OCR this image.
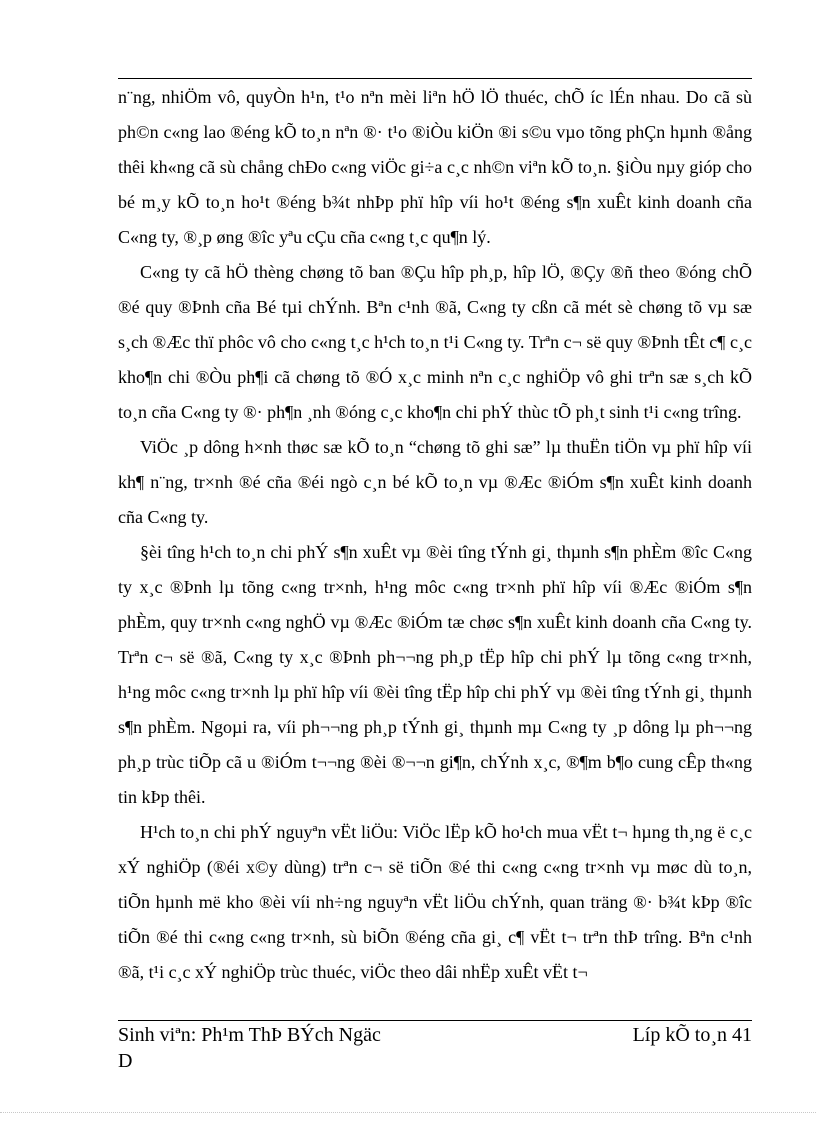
n¨ng, nhiÖm vô, quyÒn h¹n, t¹o nªn mèi liªn hÖ lÖ thuéc, chÕ íc lÉn nhau. Do cã sù ph©n c«ng lao ®éng kÕ to¸n nªn ®· t¹o ®iÒu kiÖn ®i s©u vµo tõng phÇn hµnh ®ång thêi kh«ng cã sù chång chÐo c«ng viÖc gi÷a c¸c nh©n viªn kÕ to¸n. §iÒu nµy gióp cho bé m¸y kÕ to¸n ho¹t ®éng b¾t nhÞp phï hîp víi ho¹t ®éng s¶n xuÊt kinh doanh cña C«ng ty, ®¸p øng ®îc yªu cÇu cña c«ng t¸c qu¶n lý.

C«ng ty cã hÖ thèng chøng tõ ban ®Çu hîp ph¸p, hîp lÖ, ®Çy ®ñ theo ®óng chÕ ®é quy ®Þnh cña Bé tµi chÝnh. Bªn c¹nh ®ã, C«ng ty cßn cã mét sè chøng tõ vµ sæ s¸ch ®Æc thï phôc vô cho c«ng t¸c h¹ch to¸n t¹i C«ng ty. Trªn c¬ së quy ®Þnh tÊt c¶ c¸c kho¶n chi ®Òu ph¶i cã chøng tõ ®Ó x¸c minh nªn c¸c nghiÖp vô ghi trªn sæ s¸ch kÕ to¸n cña C«ng ty ®· ph¶n ¸nh ®óng c¸c kho¶n chi phÝ thùc tÕ ph¸t sinh t¹i c«ng trîng.

ViÖc ¸p dông h×nh thøc sæ kÕ to¸n “chøng tõ ghi sæ” lµ thuËn tiÖn vµ phï hîp víi kh¶ n¨ng, tr×nh ®é cña ®éi ngò c¸n bé kÕ to¸n vµ ®Æc ®iÓm s¶n xuÊt kinh doanh cña C«ng ty.

§èi tîng h¹ch to¸n chi phÝ s¶n xuÊt vµ ®èi tîng tÝnh gi¸ thµnh s¶n phÈm ®îc C«ng ty x¸c ®Þnh lµ tõng c«ng tr×nh, h¹ng môc c«ng tr×nh phï hîp víi ®Æc ®iÓm s¶n phÈm, quy tr×nh c«ng nghÖ vµ ®Æc ®iÓm tæ chøc s¶n xuÊt kinh doanh cña C«ng ty. Trªn c¬ së ®ã, C«ng ty x¸c ®Þnh ph¬¬ng ph¸p tËp hîp chi phÝ lµ tõng c«ng tr×nh, h¹ng môc c«ng tr×nh lµ phï hîp víi ®èi tîng tËp hîp chi phÝ vµ ®èi tîng tÝnh gi¸ thµnh s¶n phÈm. Ngoµi ra, víi ph¬¬ng ph¸p tÝnh gi¸ thµnh mµ C«ng ty ¸p dông lµ ph¬¬ng ph¸p trùc tiÕp cã u ®iÓm t¬¬ng ®èi ®¬¬n gi¶n, chÝnh x¸c, ®¶m b¶o cung cÊp th«ng tin kÞp thêi.

H¹ch to¸n chi phÝ nguyªn vËt liÖu: ViÖc lËp kÕ ho¹ch mua vËt t¬ hµng th¸ng ë c¸c xÝ nghiÖp (®éi x©y dùng) trªn c¬ së tiÕn ®é thi c«ng c«ng tr×nh vµ møc dù to¸n, tiÕn hµnh më kho ®èi víi nh÷ng nguyªn vËt liÖu chÝnh, quan träng ®· b¾t kÞp ®îc tiÕn ®é thi c«ng c«ng tr×nh, sù biÕn ®éng cña gi¸ c¶ vËt t¬ trªn thÞ trîng. Bªn c¹nh ®ã, t¹i c¸c xÝ nghiÖp trùc thuéc, viÖc theo dâi nhËp xuÊt vËt t¬

Sinh viªn: Ph¹m ThÞ BÝch Ngäc	Líp kÕ to¸n 41
D
